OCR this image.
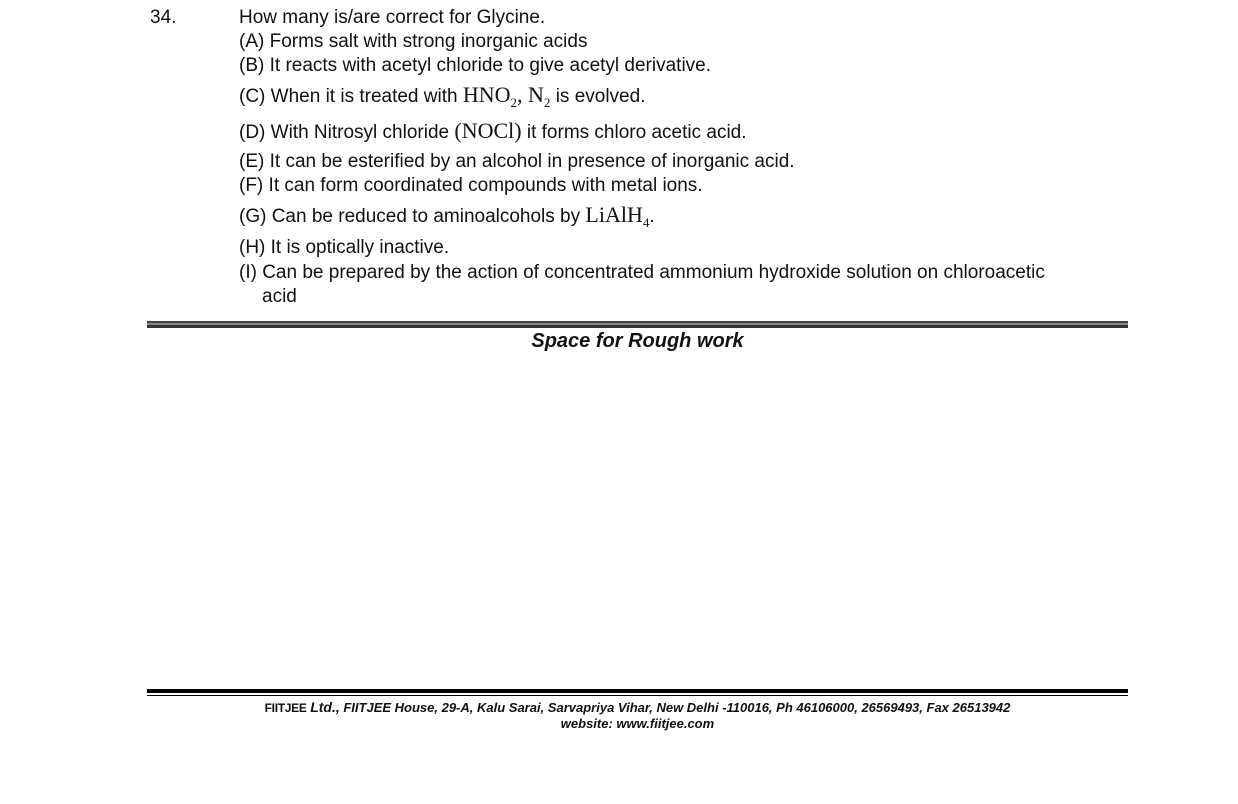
34.	How many is/are correct for Glycine.
(A) Forms salt with strong inorganic acids
(B) It reacts with acetyl chloride to give acetyl derivative.
(C) When it is treated with $HNO_2$, $N_2$ is evolved.
(D) With Nitrosyl chloride (NOCl) it forms chloro acetic acid.
(E) It can be esterified by an alcohol in presence of inorganic acid.
(F) It can form coordinated compounds with metal ions.
(G) Can be reduced to aminoalcohols by LiAlH$_4$.
(H) It is optically inactive.
(I) Can be prepared by the action of concentrated ammonium hydroxide solution on chloroacetic
acid
Space for Rough work
FIITJEE Ltd., FIITJEE House, 29-A, Kalu Sarai, Sarvapriya Vihar, New Delhi -110016, Ph 46106000, 26569493, Fax 26513942
website: www.fiitjee.com
